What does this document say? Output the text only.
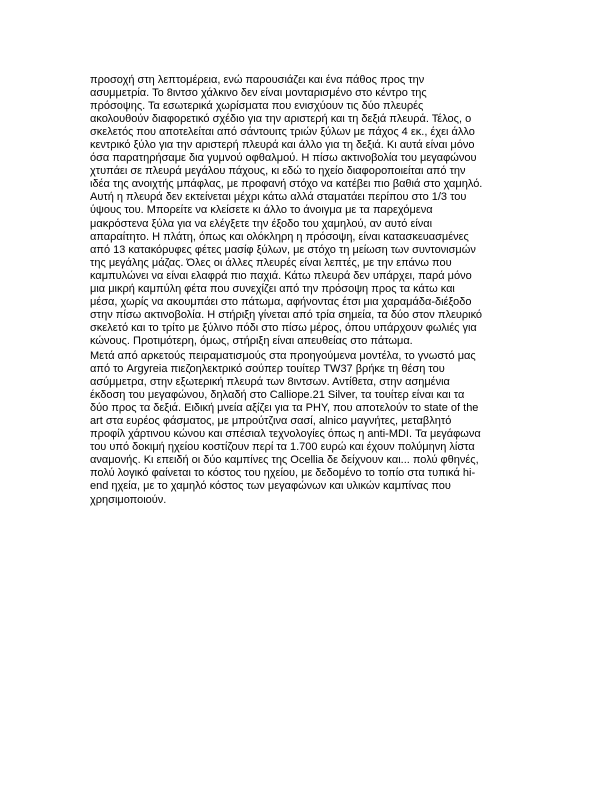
προσοχή στη λεπτομέρεια, ενώ παρουσιάζει και ένα πάθος προς την
ασυμμετρία. Το 8ιντσο χάλκινο δεν είναι μονταρισμένο στο κέντρο της
πρόσοψης. Τα εσωτερικά χωρίσματα που ενισχύουν τις δύο πλευρές
ακολουθούν διαφορετικό σχέδιο για την αριστερή και τη δεξιά πλευρά. Τέλος, ο
σκελετός που αποτελείται από σάντουιτς τριών ξύλων με πάχος 4 εκ., έχει άλλο
κεντρικό ξύλο για την αριστερή πλευρά και άλλο για τη δεξιά. Κι αυτά είναι μόνο
όσα παρατηρήσαμε δια γυμνού οφθαλμού. Η πίσω ακτινοβολία του μεγαφώνου
χτυπάει σε πλευρά μεγάλου πάχους, κι εδώ το ηχείο διαφοροποιείται από την
ιδέα της ανοιχτής μπάφλας, με προφανή στόχο να κατέβει πιο βαθιά στο χαμηλό.
Αυτή η πλευρά δεν εκτείνεται μέχρι κάτω αλλά σταματάει περίπου στο 1/3 του
ύψους του. Μπορείτε να κλείσετε κι άλλο το άνοιγμα με τα παρεχόμενα
μακρόστενα ξύλα για να ελέγξετε την έξοδο του χαμηλού, αν αυτό είναι
απαραίτητο. Η πλάτη, όπως και ολόκληρη η πρόσοψη, είναι κατασκευασμένες
από 13 κατακόρυφες φέτες μασίφ ξύλων, με στόχο τη μείωση των συντονισμών
της μεγάλης μάζας. Όλες οι άλλες πλευρές είναι λεπτές, με την επάνω που
καμπυλώνει να είναι ελαφρά πιο παχιά. Κάτω πλευρά δεν υπάρχει, παρά μόνο
μια μικρή καμπύλη φέτα που συνεχίζει από την πρόσοψη προς τα κάτω και
μέσα, χωρίς να ακουμπάει στο πάτωμα, αφήνοντας έτσι μια χαραμάδα-διέξοδο
στην πίσω ακτινοβολία. Η στήριξη γίνεται από τρία σημεία, τα δύο στον πλευρικό
σκελετό και το τρίτο με ξύλινο πόδι στο πίσω μέρος, όπου υπάρχουν φωλιές για
κώνους. Προτιμότερη, όμως, στήριξη είναι απευθείας στο πάτωμα.
Μετά από αρκετούς πειραματισμούς στα προηγούμενα μοντέλα, το γνωστό μας
από το Argyreia πιεζοηλεκτρικό σούπερ τουίτερ TW37 βρήκε τη θέση του
ασύμμετρα, στην εξωτερική πλευρά των 8ιντσων. Αντίθετα, στην ασημένια
έκδοση του μεγαφώνου, δηλαδή στο Calliope.21 Silver, τα τουίτερ είναι και τα
δύο προς τα δεξιά. Ειδική μνεία αξίζει για τα PHY, που αποτελούν το state of the
art στα ευρέος φάσματος, με μπρούτζινα σασί, alnico μαγνήτες, μεταβλητό
προφίλ χάρτινου κώνου και σπέσιαλ τεχνολογίες όπως η anti-MDI. Τα μεγάφωνα
του υπό δοκιμή ηχείου κοστίζουν περί τα 1.700 ευρώ και έχουν πολύμηνη λίστα
αναμονής. Κι επειδή οι δύο καμπίνες της Ocellia δε δείχνουν και... πολύ φθηνές,
πολύ λογικό φαίνεται το κόστος του ηχείου, με δεδομένο το τοπίο στα τυπικά hi-
end ηχεία, με το χαμηλό κόστος των μεγαφώνων και υλικών καμπίνας που
χρησιμοποιούν.
